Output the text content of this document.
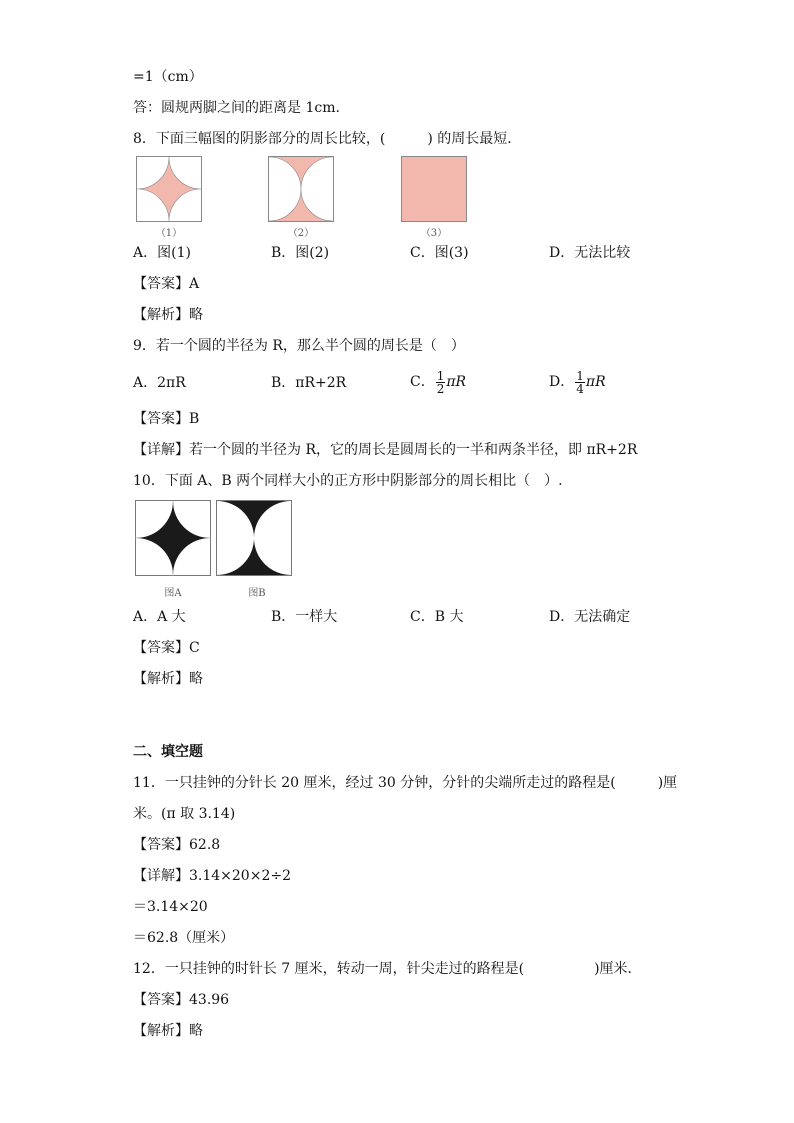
=1（cm）
答：圆规两脚之间的距离是 1cm.
8．下面三幅图的阴影部分的周长比较，(　　　) 的周长最短．
（1）	（2）	（3）
A．图(1)	B．图(2)	C．图(3)	D．无法比较
【答案】A
【解析】略
9．若一个圆的半径为 R，那么半个圆的周长是（　）
A．2πR	B．πR+2R	C． $\frac{1}{2}$ πR	D． $\frac{1}{4}$ πR
【答案】B
【详解】若一个圆的半径为 R，它的周长是圆周长的一半和两条半径，即 πR+2R
10．下面 A、B 两个同样大小的正方形中阴影部分的周长相比（　）.
图A	图B
A．A 大	B．一样大	C．B 大	D．无法确定
【答案】C
【解析】略
二、填空题
11．一只挂钟的分针长 20 厘米，经过 30 分钟，分针的尖端所走过的路程是(　　　)厘
米。(π 取 3.14)
【答案】62.8
【详解】3.14×20×2÷2
＝3.14×20
＝62.8（厘米）
12．一只挂钟的时针长 7 厘米，转动一周，针尖走过的路程是(　　　　　)厘米．
【答案】43.96
【解析】略
